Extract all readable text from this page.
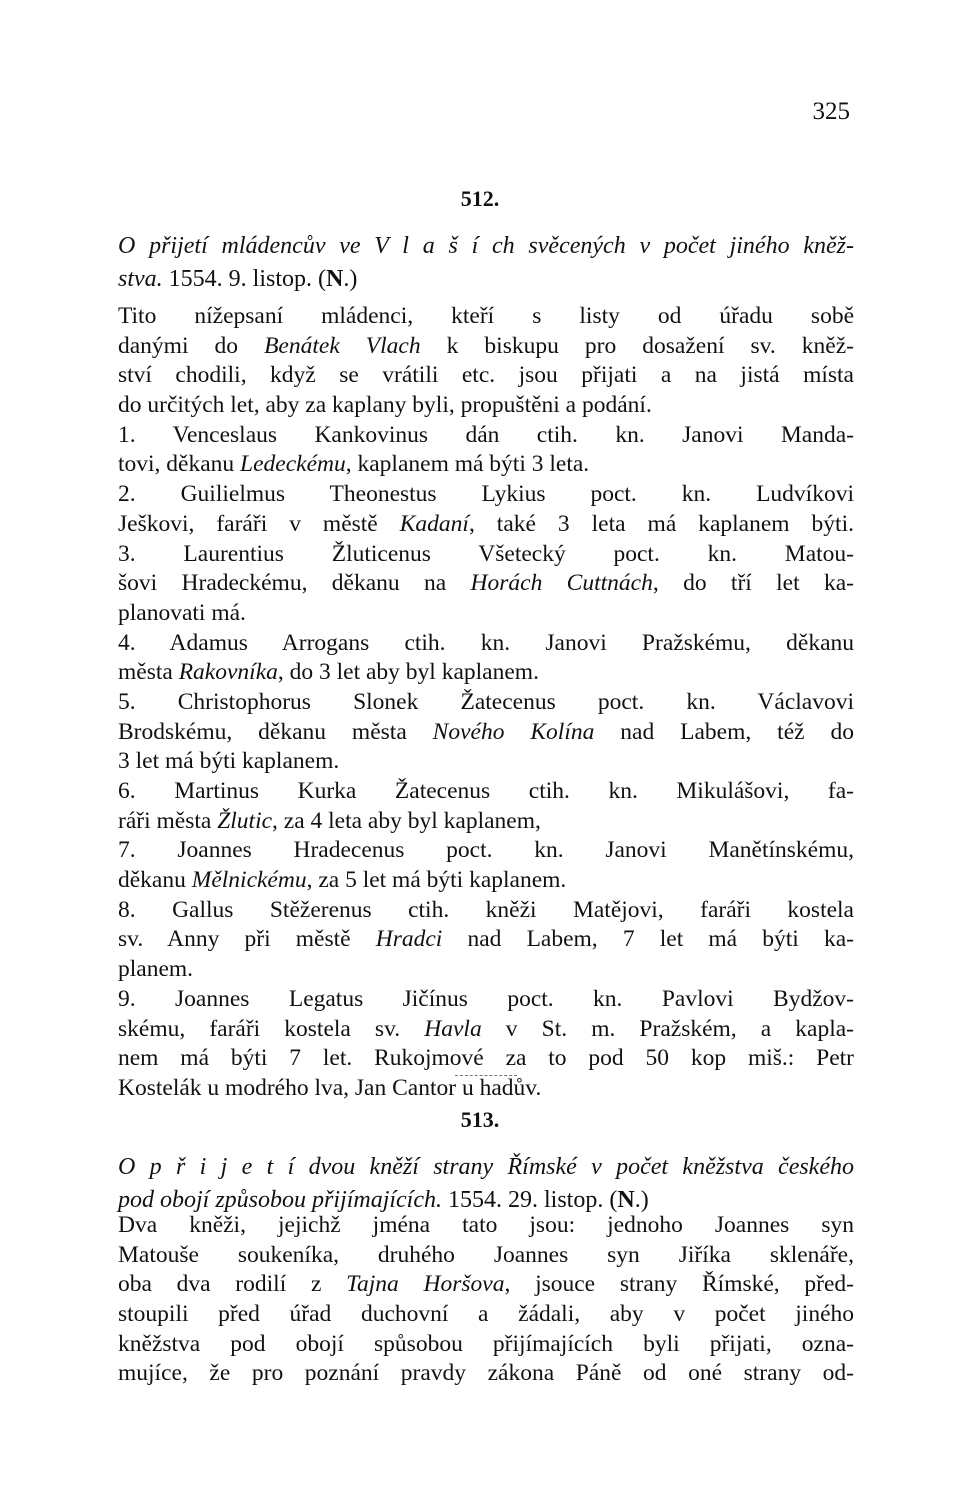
325
512.
O přijetí mládencův ve V l a š í ch svěcených v počet jiného kněž-
stva. 1554. 9. listop. (N.)
Tito nížepsaní mládenci, kteří s listy od úřadu sobě
danými do Benátek Vlach k biskupu pro dosažení sv. kněž-
ství chodili, když se vrátili etc. jsou přijati a na jistá místa
do určitých let, aby za kaplany byli, propuštěni a podání.
1. Venceslaus Kankovinus dán ctih. kn. Janovi Manda-
tovi, děkanu Ledeckému, kaplanem má býti 3 leta.
2. Guilielmus Theonestus Lykius poct. kn. Ludvíkovi
Ješkovi, faráři v městě Kadaní, také 3 leta má kaplanem býti.
3. Laurentius Žluticenus Všetecký poct. kn. Matou-
šovi Hradeckému, děkanu na Horách Cuttnách, do tří let ka-
planovati má.
4. Adamus Arrogans ctih. kn. Janovi Pražskému, děkanu
města Rakovníka, do 3 let aby byl kaplanem.
5. Christophorus Slonek Žatecenus poct. kn. Václavovi
Brodskému, děkanu města Nového Kolína nad Labem, též do
3 let má býti kaplanem.
6. Martinus Kurka Žatecenus ctih. kn. Mikulášovi, fa-
ráři města Žlutic, za 4 leta aby byl kaplanem,
7. Joannes Hradecenus poct. kn. Janovi Manětínskému,
děkanu Mělnickému, za 5 let má býti kaplanem.
8. Gallus Stěžerenus ctih. kněži Matějovi, faráři kostela
sv. Anny při městě Hradci nad Labem, 7 let má býti ka-
planem.
9. Joannes Legatus Jičínus poct. kn. Pavlovi Bydžov-
skému, faráři kostela sv. Havla v St. m. Pražském, a kapla-
nem má býti 7 let. Rukojmové za to pod 50 kop miš.: Petr
Kostelák u modrého lva, Jan Cantor u hadův.
513.
O p ř i j e t í dvou kněží strany Římské v počet kněžstva českého
pod obojí způsobou přijímajících. 1554. 29. listop. (N.)
Dva kněži, jejichž jména tato jsou: jednoho Joannes syn
Matouše soukeníka, druhého Joannes syn Jiříka sklenáře,
oba dva rodilí z Tajna Horšova, jsouce strany Římské, před-
stoupili před úřad duchovní a žádali, aby v počet jiného
kněžstva pod obojí spůsobou přijímajících byli přijati, ozna-
mujíce, že pro poznání pravdy zákona Páně od oné strany od-
